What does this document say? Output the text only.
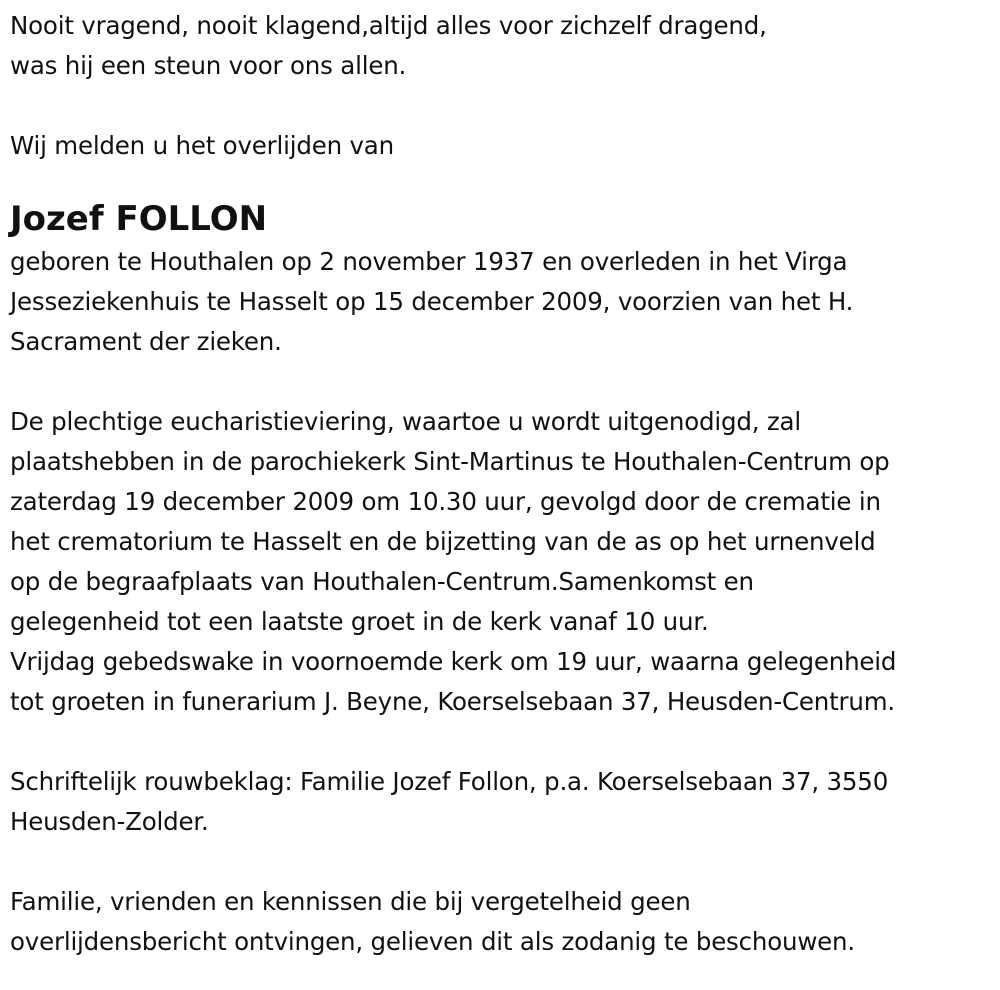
Nooit vragend, nooit klagend,altijd alles voor zichzelf dragend,
was hij een steun voor ons allen.
Wij melden u het overlijden van
Jozef FOLLON
geboren te Houthalen op 2 november 1937 en overleden in het Virga
Jesseziekenhuis te Hasselt op 15 december 2009, voorzien van het H.
Sacrament der zieken.
De plechtige eucharistieviering, waartoe u wordt uitgenodigd, zal
plaatshebben in de parochiekerk Sint-Martinus te Houthalen-Centrum op
zaterdag 19 december 2009 om 10.30 uur, gevolgd door de crematie in
het crematorium te Hasselt en de bijzetting van de as op het urnenveld
op de begraafplaats van Houthalen-Centrum.Samenkomst en
gelegenheid tot een laatste groet in de kerk vanaf 10 uur.
Vrijdag gebedswake in voornoemde kerk om 19 uur, waarna gelegenheid
tot groeten in funerarium J. Beyne, Koerselsebaan 37, Heusden-Centrum.
Schriftelijk rouwbeklag: Familie Jozef Follon, p.a. Koerselsebaan 37, 3550
Heusden-Zolder.
Familie, vrienden en kennissen die bij vergetelheid geen
overlijdensbericht ontvingen, gelieven dit als zodanig te beschouwen.
